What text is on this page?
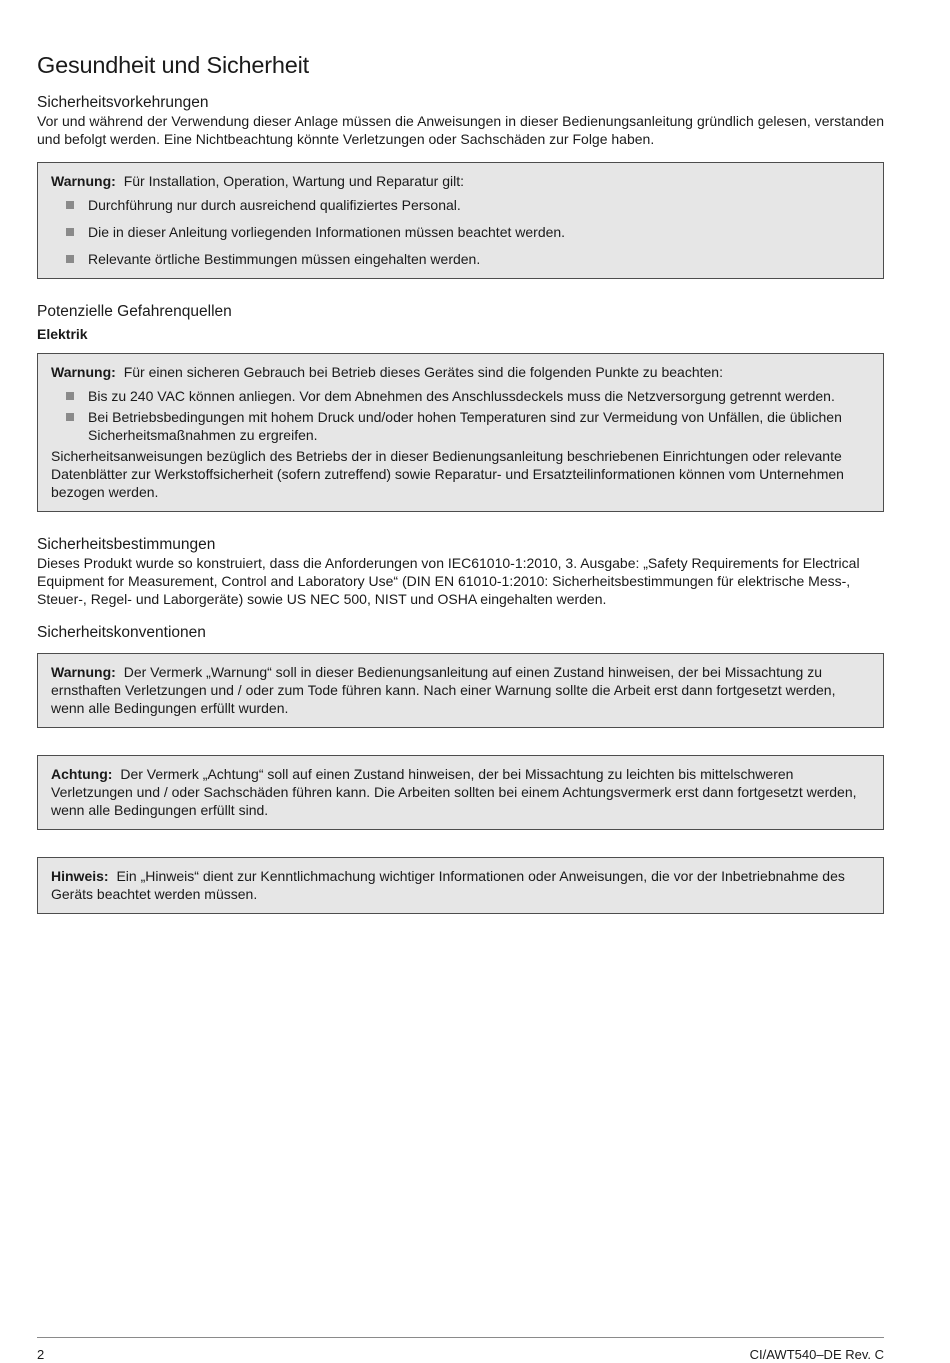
Gesundheit und Sicherheit
Sicherheitsvorkehrungen

Vor und während der Verwendung dieser Anlage müssen die Anweisungen in dieser Bedienungsanleitung gründlich gelesen, verstanden und befolgt werden. Eine Nichtbeachtung könnte Verletzungen oder Sachschäden zur Folge haben.

Warnung: Für Installation, Operation, Wartung und Reparatur gilt:
Durchführung nur durch ausreichend qualifiziertes Personal.
Die in dieser Anleitung vorliegenden Informationen müssen beachtet werden.
Relevante örtliche Bestimmungen müssen eingehalten werden.
Potenzielle Gefahrenquellen
Elektrik
Warnung: Für einen sicheren Gebrauch bei Betrieb dieses Gerätes sind die folgenden Punkte zu beachten:
Bis zu 240 VAC können anliegen. Vor dem Abnehmen des Anschlussdeckels muss die Netzversorgung getrennt werden.
Bei Betriebsbedingungen mit hohem Druck und/oder hohen Temperaturen sind zur Vermeidung von Unfällen, die üblichen Sicherheitsmaßnahmen zu ergreifen.
Sicherheitsanweisungen bezüglich des Betriebs der in dieser Bedienungsanleitung beschriebenen Einrichtungen oder relevante Datenblätter zur Werkstoffsicherheit (sofern zutreffend) sowie Reparatur- und Ersatzteilinformationen können vom Unternehmen bezogen werden.
Sicherheitsbestimmungen

Dieses Produkt wurde so konstruiert, dass die Anforderungen von IEC61010-1:2010, 3. Ausgabe: „Safety Requirements for Electrical Equipment for Measurement, Control and Laboratory Use“ (DIN EN 61010-1:2010: Sicherheitsbestimmungen für elektrische Mess-, Steuer-, Regel- und Laborgeräte) sowie US NEC 500, NIST und OSHA eingehalten werden.

Sicherheitskonventionen
Warnung: Der Vermerk „Warnung“ soll in dieser Bedienungsanleitung auf einen Zustand hinweisen, der bei Missachtung zu ernsthaften Verletzungen und / oder zum Tode führen kann. Nach einer Warnung sollte die Arbeit erst dann fortgesetzt werden, wenn alle Bedingungen erfüllt wurden.
Achtung: Der Vermerk „Achtung“ soll auf einen Zustand hinweisen, der bei Missachtung zu leichten bis mittelschweren Verletzungen und / oder Sachschäden führen kann. Die Arbeiten sollten bei einem Achtungsvermerk erst dann fortgesetzt werden, wenn alle Bedingungen erfüllt sind.
Hinweis: Ein „Hinweis“ dient zur Kenntlichmachung wichtiger Informationen oder Anweisungen, die vor der Inbetriebnahme des Geräts beachtet werden müssen.
2	CI/AWT540–DE Rev. C
